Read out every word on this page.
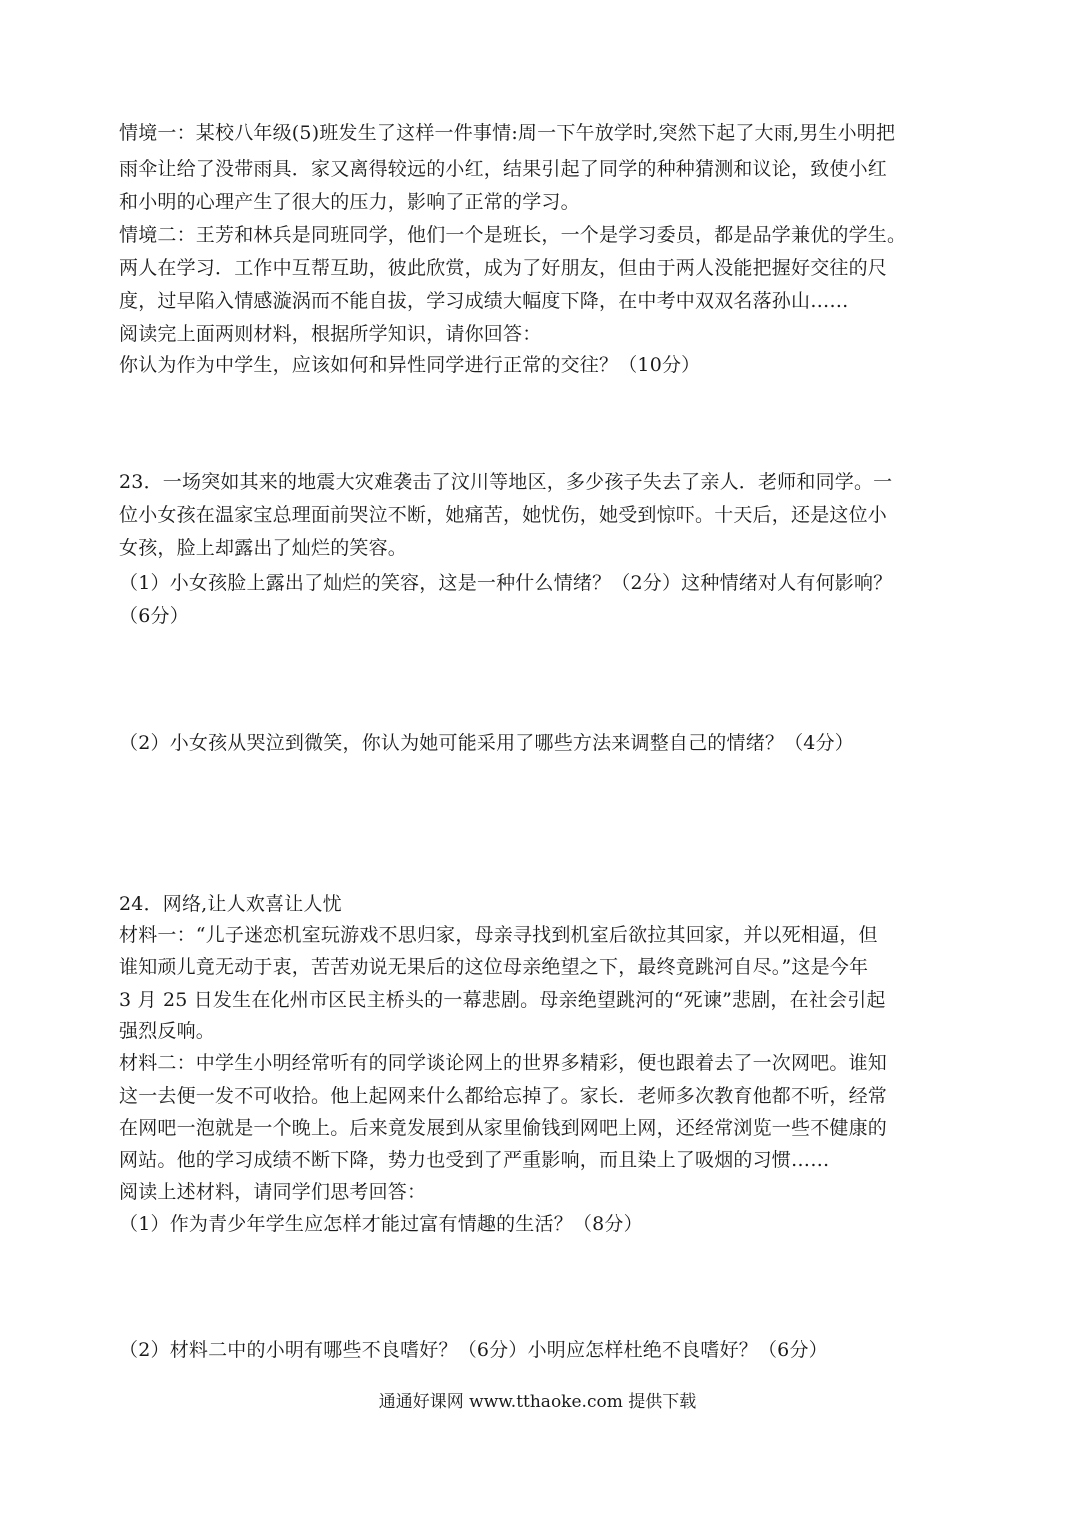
情境一：某校八年级(5)班发生了这样一件事情:周一下午放学时,突然下起了大雨,男生小明把
雨伞让给了没带雨具．家又离得较远的小红，结果引起了同学的种种猜测和议论，致使小红
和小明的心理产生了很大的压力，影响了正常的学习。
情境二：王芳和林兵是同班同学，他们一个是班长，一个是学习委员，都是品学兼优的学生。
两人在学习．工作中互帮互助，彼此欣赏，成为了好朋友，但由于两人没能把握好交往的尺
度，过早陷入情感漩涡而不能自拔，学习成绩大幅度下降，在中考中双双名落孙山……
阅读完上面两则材料，根据所学知识，请你回答：
你认为作为中学生，应该如何和异性同学进行正常的交往？（10分）
23．一场突如其来的地震大灾难袭击了汶川等地区，多少孩子失去了亲人．老师和同学。一
位小女孩在温家宝总理面前哭泣不断，她痛苦，她忧伤，她受到惊吓。十天后，还是这位小
女孩，脸上却露出了灿烂的笑容。
（1）小女孩脸上露出了灿烂的笑容，这是一种什么情绪？（2分）这种情绪对人有何影响？
（6分）
（2）小女孩从哭泣到微笑，你认为她可能采用了哪些方法来调整自己的情绪？（4分）
24．网络,让人欢喜让人忧
材料一：“儿子迷恋机室玩游戏不思归家，母亲寻找到机室后欲拉其回家，并以死相逼，但
谁知顽儿竟无动于衷，苦苦劝说无果后的这位母亲绝望之下，最终竟跳河自尽。”这是今年
3 月 25 日发生在化州市区民主桥头的一幕悲剧。母亲绝望跳河的“死谏”悲剧，在社会引起
强烈反响。
材料二：中学生小明经常听有的同学谈论网上的世界多精彩，便也跟着去了一次网吧。谁知
这一去便一发不可收拾。他上起网来什么都给忘掉了。家长．老师多次教育他都不听，经常
在网吧一泡就是一个晚上。后来竟发展到从家里偷钱到网吧上网，还经常浏览一些不健康的
网站。他的学习成绩不断下降，势力也受到了严重影响，而且染上了吸烟的习惯……
阅读上述材料，请同学们思考回答：
（1）作为青少年学生应怎样才能过富有情趣的生活？（8分）
（2）材料二中的小明有哪些不良嗜好？（6分）小明应怎样杜绝不良嗜好？（6分）
通通好课网 www.tthaoke.com 提供下载
